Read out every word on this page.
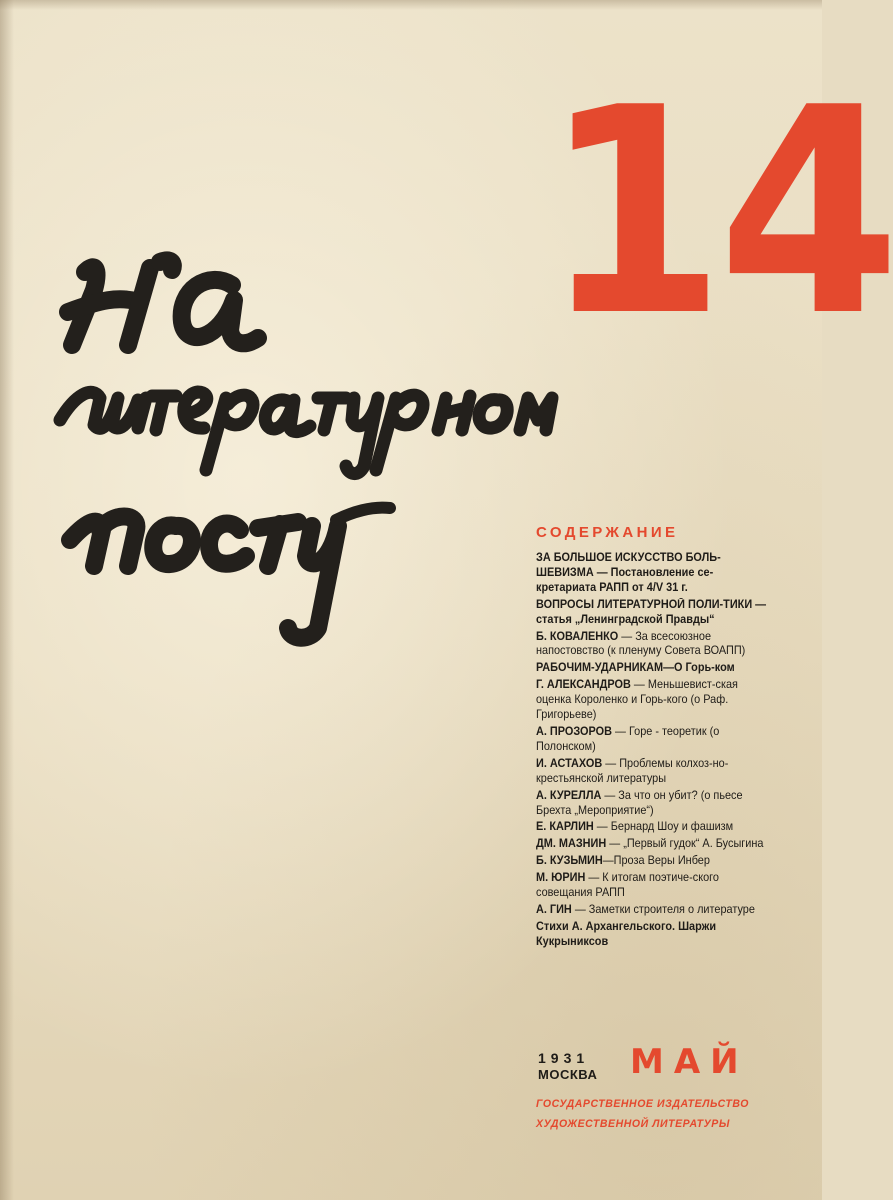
14
СОДЕРЖАНИЕ
ЗА БОЛЬШОЕ ИСКУССТВО БОЛЬ-ШЕВИЗМА — Постановление се-кретариата РАПП от 4/V 31 г.
ВОПРОСЫ ЛИТЕРАТУРНОЙ ПОЛИ-ТИКИ — статья „Ленинградской Правды“
Б. КОВАЛЕНКО — За всесоюзное напостовство (к пленуму Совета ВОАПП)
РАБОЧИМ-УДАРНИКАМ—О Горь-ком
Г. АЛЕКСАНДРОВ — Меньшевист-ская оценка Короленко и Горь-кого (о Раф. Григорьеве)
А. ПРОЗОРОВ — Горе - теоретик (о Полонском)
И. АСТАХОВ — Проблемы колхоз-но-крестьянской литературы
А. КУРЕЛЛА — За что он убит? (о пьесе Брехта „Мероприятие“)
Е. КАРЛИН — Бернард Шоу и фашизм
ДМ. МАЗНИН — „Первый гудок“ А. Бусыгина
Б. КУЗЬМИН—Проза Веры Инбер
М. ЮРИН — К итогам поэтиче-ского совещания РАПП
А. ГИН — Заметки строителя о литературе
Стихи А. Архангельского. Шаржи Кукрыниксов
1931
МОСКВА МАЙ
ГОСУДАРСТВЕННОЕ ИЗДАТЕЛЬСТВО
ХУДОЖЕСТВЕННОЙ ЛИТЕРАТУРЫ
